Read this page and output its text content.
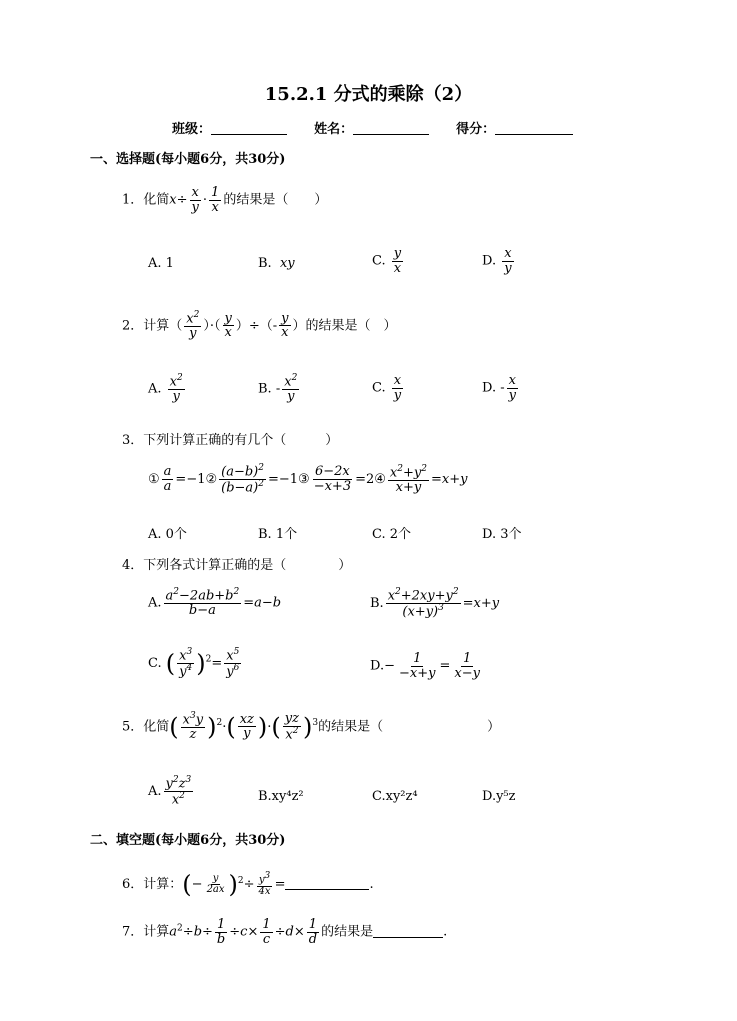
15.2.1 分式的乘除（2）
班级：	姓名：	得分：
一、选择题(每小题6分，共30分)
1．化简$x\div \frac{x}{y} \cdot \frac{1}{x}$ 的结果是（　　）
A. 1	B. xy	C. $\frac{y}{x}$	D. $\frac{x}{y}$
2．计算（ $\frac{x^2}{y}$ ）·（ $\frac{y}{x}$ ）÷（- $\frac{y}{x}$ ）的结果是（　）
A. $\frac{x^2}{y}$	B. - $\frac{x^2}{y}$	C. $\frac{x}{y}$	D. - $\frac{x}{y}$
3．下列计算正确的有几个（　　　）
① $\frac{a}{a}$ =−1② $\frac{(a-b)^2}{(b-a)^2}$ =−1③ $\frac{6-2x}{-x+3}$ =2④ $\frac{x^2+y^2}{x+y} =x+y$
A. 0个	B. 1个	C. 2个	D. 3个
4．下列各式计算正确的是（　　　　）
A. $\frac{a^2-2ab+b^2}{b-a} =a-b$	B. $\frac{x^2+2xy+y^2}{(x+y)^3} =x+y$
C. ( $\frac{x^3}{y^4} )^2= \frac{x^5}{y^6}$	$D.- \frac{1}{-x+y} = \frac{1}{x-y}$
5．化简( $\frac{x^3y}{z} )^2\cdot( \frac{xz}{y}$ )·( $\frac{yz}{x^2} )^3$的结果是（　　　　　　　　）
A. $\frac{y^2z^3}{x^2}$	B.xy⁴z²	C.xy²z⁴	D.y⁵z
二、填空题(每小题6分，共30分)
6．计算：(− $\frac{y}{2ax} )^2\div \frac{y3}{4x}$ =	.
7．计算$a^2\div b\div \frac{1}{b} \div c\times \frac{1}{c} \div d\times \frac{1}{d}$ 的结果是	.
